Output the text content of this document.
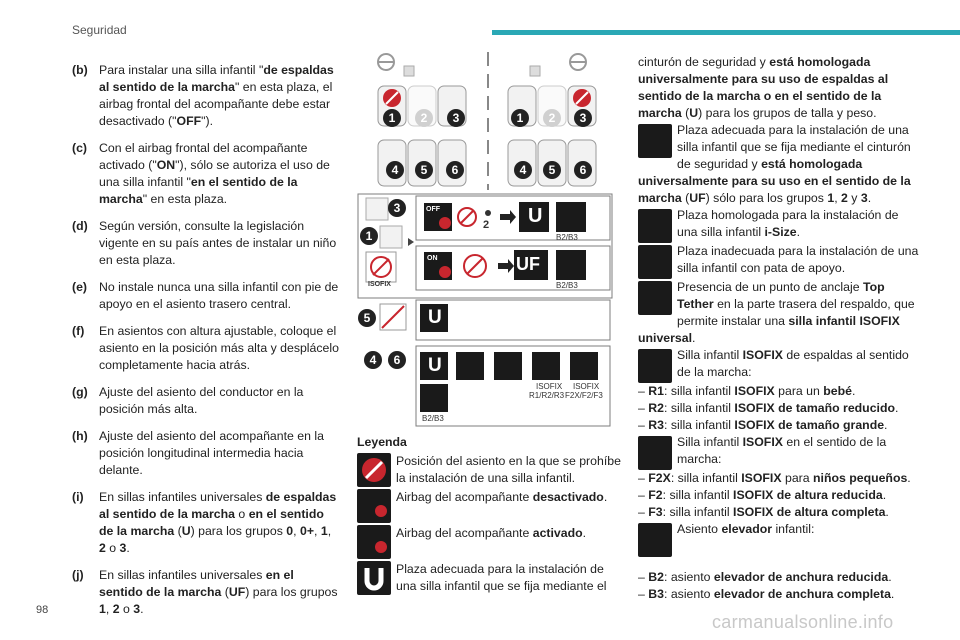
Seguridad
98
carmanualsonline.info
(b) Para instalar una silla infantil "de espaldas al sentido de la marcha" en esta plaza, el airbag frontal del acompañante debe estar desactivado ("OFF").
(c) Con el airbag frontal del acompañante activado ("ON"), sólo se autoriza el uso de una silla infantil "en el sentido de la marcha" en esta plaza.
(d) Según versión, consulte la legislación vigente en su país antes de instalar un niño en esta plaza.
(e) No instale nunca una silla infantil con pie de apoyo en el asiento trasero central.
(f)	En asientos con altura ajustable, coloque el asiento en la posición más alta y desplácelo completamente hacia atrás.
(g) Ajuste del asiento del conductor en la posición más alta.
(h) Ajuste del asiento del acompañante en la posición longitudinal intermedia hacia delante.
(i)	En sillas infantiles universales de espaldas al sentido de la marcha o en el sentido de la marcha (U) para los grupos 0, 0+, 1, 2 o 3.
(j)	En sillas infantiles universales en el sentido de la marcha (UF) para los grupos 1, 2 o 3.
1	2	3
4	5	6
1	2	3
4	5	6
3
1
5
4	6
OFF
ON
2 U
UF
U
U
ISOFIX
B2/B3
B2/B3
B2/B3
ISOFIX
R1/R2/R3
ISOFIX
F2X/F2/F3
Leyenda
Posición del asiento en la que se prohíbe la instalación de una silla infantil.
Airbag del acompañante desactivado.
Airbag del acompañante activado.
Plaza adecuada para la instalación de una silla infantil que se fija mediante el
cinturón de seguridad y está homologada universalmente para su uso de espaldas al sentido de la marcha o en el sentido de la marcha (U) para los grupos de talla y peso.
Plaza adecuada para la instalación de una silla infantil que se fija mediante el cinturón de seguridad y está homologada universalmente para su uso en el sentido de la marcha (UF) sólo para los grupos 1, 2 y 3.
Plaza homologada para la instalación de una silla infantil i-Size.
Plaza inadecuada para la instalación de una silla infantil con pata de apoyo.
Presencia de un punto de anclaje Top Tether en la parte trasera del respaldo, que permite instalar una silla infantil ISOFIX universal.
Silla infantil ISOFIX de espaldas al sentido de la marcha:
– R1: silla infantil ISOFIX para un bebé.
– R2: silla infantil ISOFIX de tamaño reducido.
– R3: silla infantil ISOFIX de tamaño grande.
Silla infantil ISOFIX en el sentido de la marcha:
– F2X: silla infantil ISOFIX para niños pequeños.
– F2: silla infantil ISOFIX de altura reducida.
– F3: silla infantil ISOFIX de altura completa.
Asiento elevador infantil:
– B2: asiento elevador de anchura reducida.
– B3: asiento elevador de anchura completa.
